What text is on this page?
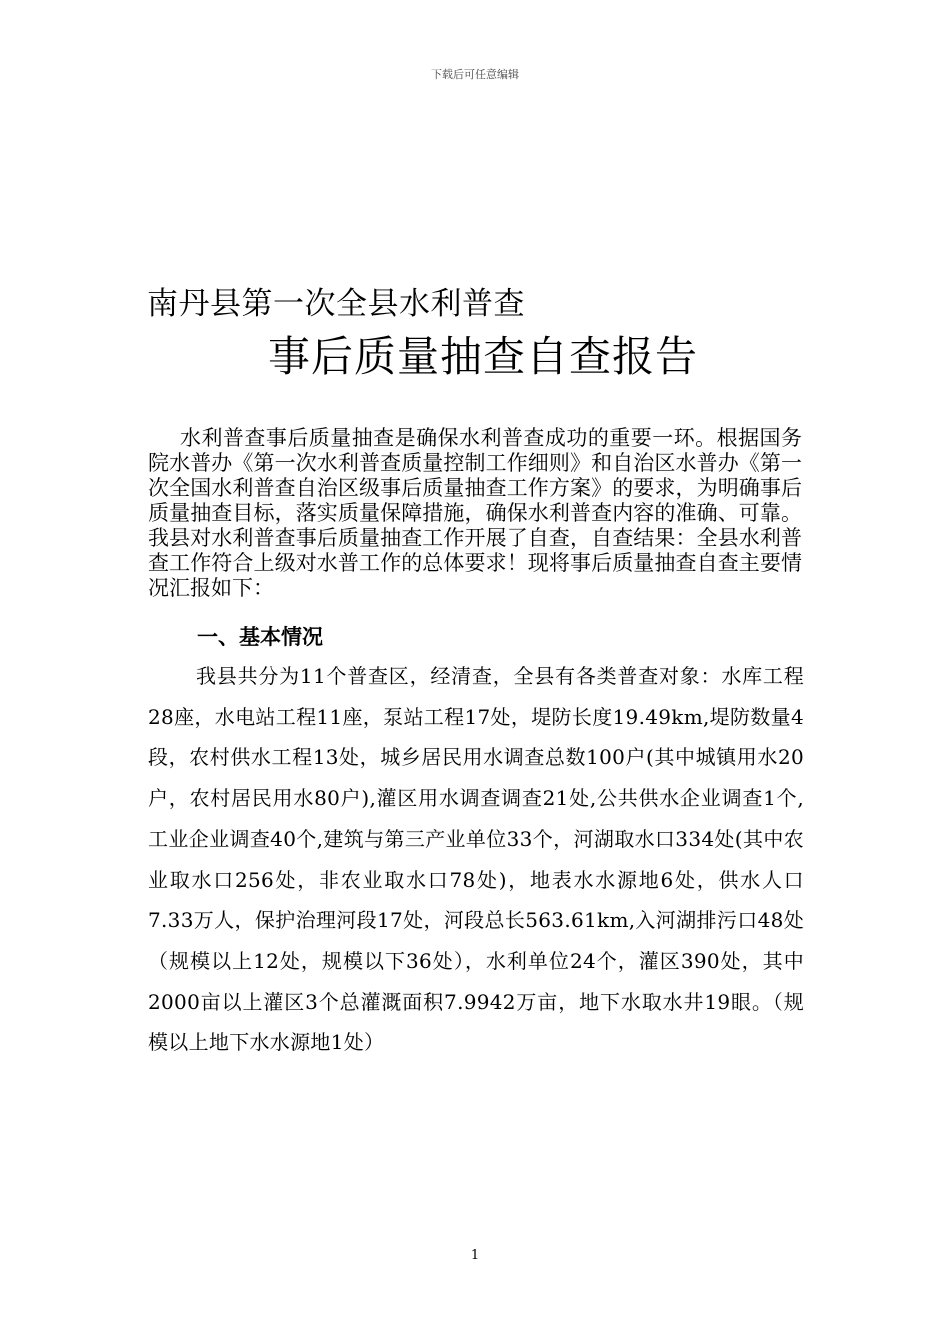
下载后可任意编辑
南丹县第一次全县水利普查
事后质量抽查自查报告

水利普查事后质量抽查是确保水利普查成功的重要一环。根据国务院水普办《第一次水利普查质量控制工作细则》和自治区水普办《第一次全国水利普查自治区级事后质量抽查工作方案》的要求，为明确事后质量抽查目标，落实质量保障措施，确保水利普查内容的准确、可靠。我县对水利普查事后质量抽查工作开展了自查，自查结果：全县水利普查工作符合上级对水普工作的总体要求！现将事后质量抽查自查主要情况汇报如下：

一、基本情况

我县共分为11个普查区，经清查，全县有各类普查对象：水库工程28座，水电站工程11座，泵站工程17处，堤防长度19.49km,堤防数量4段，农村供水工程13处，城乡居民用水调查总数100户(其中城镇用水20户，农村居民用水80户),灌区用水调查调查21处,公共供水企业调查1个,工业企业调查40个,建筑与第三产业单位33个，河湖取水口334处(其中农业取水口256处，非农业取水口78处)，地表水水源地6处，供水人口7.33万人，保护治理河段17处，河段总长563.61km,入河湖排污口48处（规模以上12处，规模以下36处），水利单位24个，灌区390处，其中2000亩以上灌区3个总灌溉面积7.9942万亩，地下水取水井19眼。（规模以上地下水水源地1处）

1
